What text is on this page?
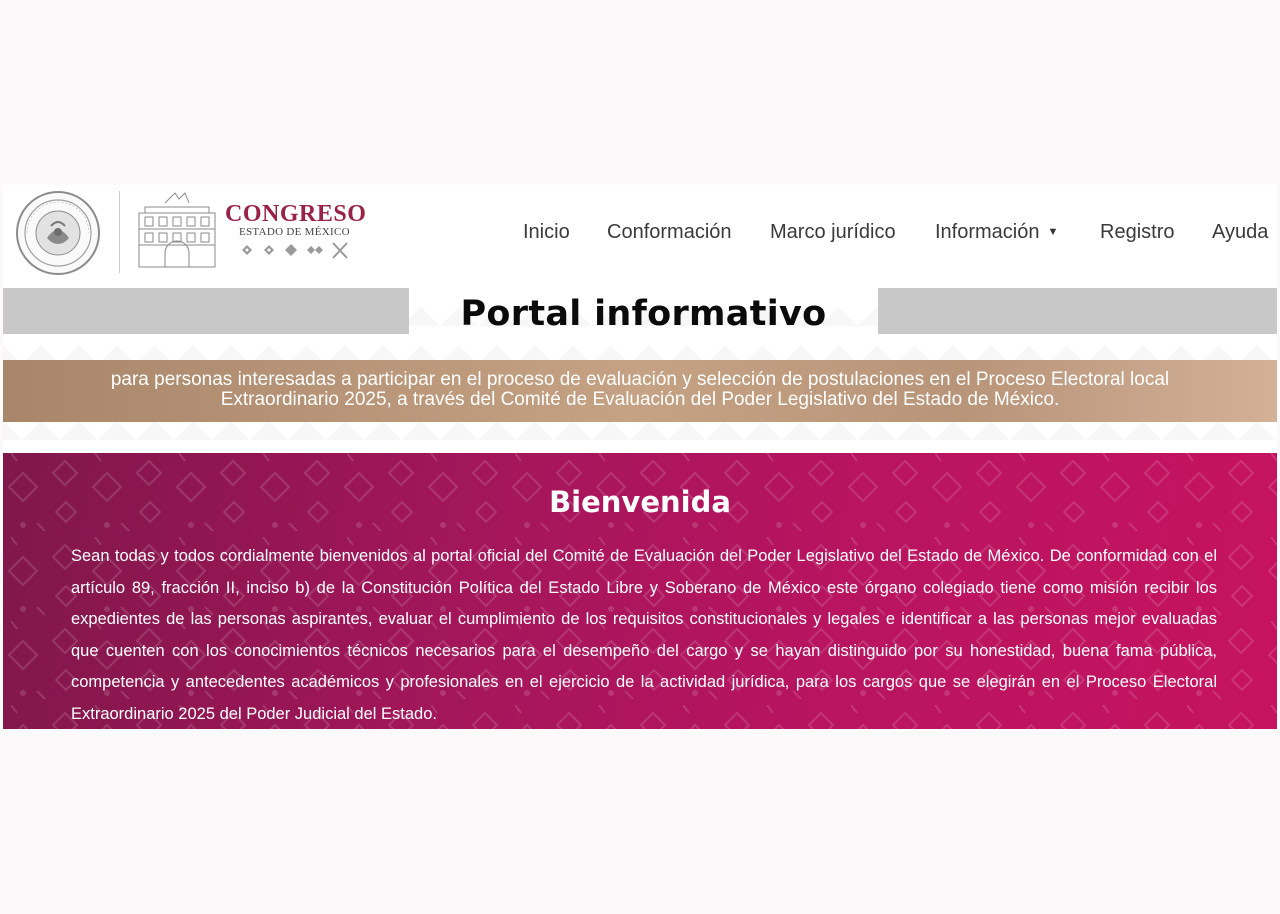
CONGRESO
ESTADO DE MÉXICO	Inicio Conformación Marco jurídico Información ▼ Registro Ayuda
Portal informativo
para personas interesadas a participar en el proceso de evaluación y selección de postulaciones en el Proceso Electoral local
Extraordinario 2025, a través del Comité de Evaluación del Poder Legislativo del Estado de México.
Bienvenida

Sean todas y todos cordialmente bienvenidos al portal oficial del Comité de Evaluación del Poder Legislativo del Estado de México. De conformidad con el artículo 89, fracción II, inciso b) de la Constitución Política del Estado Libre y Soberano de México este órgano colegiado tiene como misión recibir los expedientes de las personas aspirantes, evaluar el cumplimiento de los requisitos constitucionales y legales e identificar a las personas mejor evaluadas que cuenten con los conocimientos técnicos necesarios para el desempeño del cargo y se hayan distinguido por su honestidad, buena fama pública, competencia y antecedentes académicos y profesionales en el ejercicio de la actividad jurídica, para los cargos que se elegirán en el Proceso Electoral Extraordinario 2025 del Poder Judicial del Estado.
